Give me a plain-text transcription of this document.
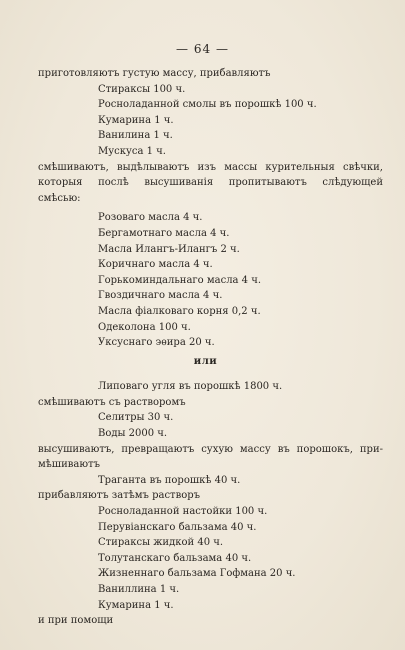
— 64 —
приготовляютъ густую массу, прибавляютъ
Стираксы 100 ч.
Росноладанной смолы въ порошкѣ 100 ч.
Кумарина 1 ч.
Ванилина 1 ч.
Мускуса 1 ч.
смѣшиваютъ, выдѣлываютъ изъ массы курительныя свѣчки,
которыя послѣ высушиванія пропитываютъ слѣдующей
смѣсью:
Розоваго масла 4 ч.
Бергамотнаго масла 4 ч.
Масла Илангъ-Илангъ 2 ч.
Коричнаго масла 4 ч.
Горькоминдальнаго масла 4 ч.
Гвоздичнаго масла 4 ч.
Масла фіалковаго корня 0,2 ч.
Одеколона 100 ч.
Уксуснаго эѳира 20 ч.
или
Липоваго угля въ порошкѣ 1800 ч.
смѣшиваютъ съ растворомъ
Селитры 30 ч.
Воды 2000 ч.
высушиваютъ, превращаютъ сухую массу въ порошокъ, при-
мѣшиваютъ
Траганта въ порошкѣ 40 ч.
прибавляютъ затѣмъ растворъ
Росноладанной настойки 100 ч.
Перувіанскаго бальзама 40 ч.
Стираксы жидкой 40 ч.
Толутанскаго бальзама 40 ч.
Жизненнаго бальзама Гофмана 20 ч.
Ваниллина 1 ч.
Кумарина 1 ч.
и при помощи
